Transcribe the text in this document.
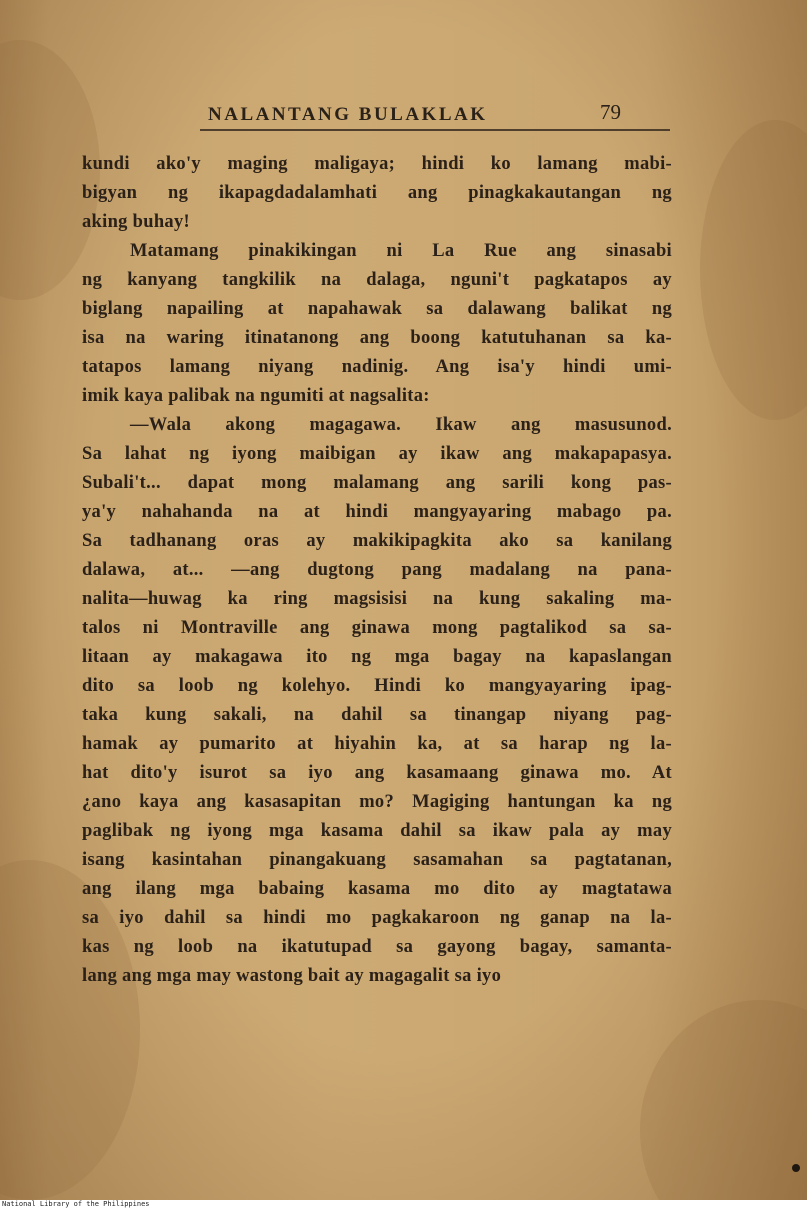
NALANTANG BULAKLAK	79
kundi ako'y maging maligaya; hindi ko lamang mabi-
bigyan ng ikapagdadalamhati ang pinagkakautangan ng
aking buhay!
Matamang pinakikingan ni La Rue ang sinasabi
ng kanyang tangkilik na dalaga, nguni't pagkatapos ay
biglang napailing at napahawak sa dalawang balikat ng
isa na waring itinatanong ang boong katutuhanan sa ka-
tatapos lamang niyang nadinig. Ang isa'y hindi umi-
imik kaya palibak na ngumiti at nagsalita:
—Wala akong magagawa. Ikaw ang masusunod.
Sa lahat ng iyong maibigan ay ikaw ang makapapasya.
Subali't... dapat mong malamang ang sarili kong pas-
ya'y nahahanda na at hindi mangyayaring mabago pa.
Sa tadhanang oras ay makikipagkita ako sa kanilang
dalawa, at... —ang dugtong pang madalang na pana-
nalita—huwag ka ring magsisisi na kung sakaling ma-
talos ni Montraville ang ginawa mong pagtalikod sa sa-
litaan ay makagawa ito ng mga bagay na kapaslangan
dito sa loob ng kolehyo. Hindi ko mangyayaring ipag-
taka kung sakali, na dahil sa tinangap niyang pag-
hamak ay pumarito at hiyahin ka, at sa harap ng la-
hat dito'y isurot sa iyo ang kasamaang ginawa mo. At
¿ano kaya ang kasasapitan mo? Magiging hantungan ka ng
paglibak ng iyong mga kasama dahil sa ikaw pala ay may
isang kasintahan pinangakuang sasamahan sa pagtatanan,
ang ilang mga babaing kasama mo dito ay magtatawa
sa iyo dahil sa hindi mo pagkakaroon ng ganap na la-
kas ng loob na ikatutupad sa gayong bagay, samanta-
lang ang mga may wastong bait ay magagalit sa iyo
National Library of the Philippines
